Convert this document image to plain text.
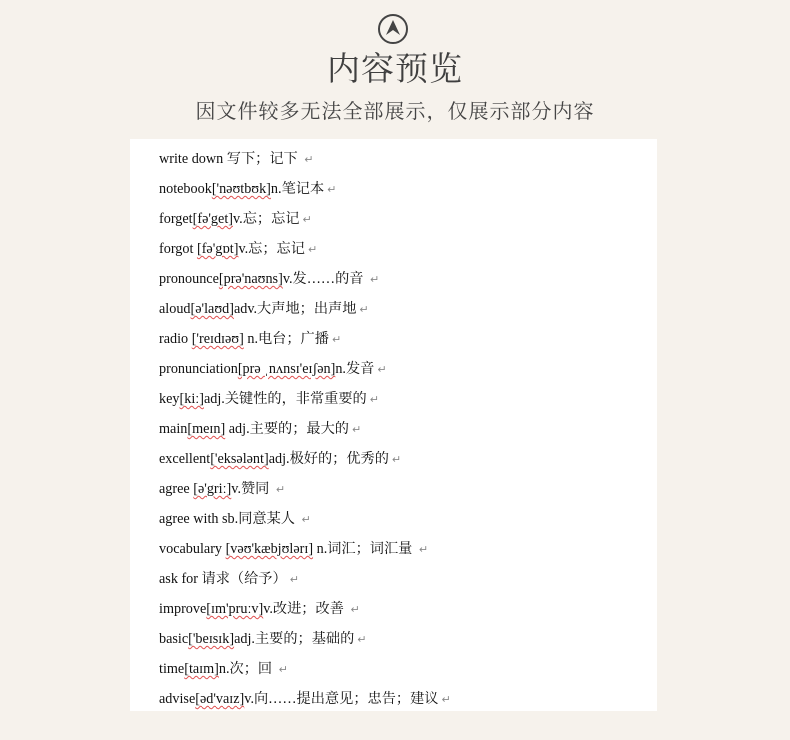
内容预览
因文件较多无法全部展示，仅展示部分内容
write down 写下；记下 ↵
notebook['nəʊtbʊk]n.笔记本 ↵
forget[fə'get]v.忘；忘记 ↵
forgot [fə'gɒt]v.忘；忘记 ↵
pronounce[prə'naʊns]v.发……的音 ↵
aloud[ə'laʊd]adv.大声地；出声地 ↵
radio ['reɪdɪəʊ] n.电台；广播 ↵
pronunciation[prə ˌnʌnsɪ'eɪʃən]n.发音 ↵
key[kiː]adj.关键性的，非常重要的 ↵
main[meɪn] adj.主要的；最大的 ↵
excellent['eksələnt]adj.极好的；优秀的 ↵
agree [ə'griː]v.赞同 ↵
agree with sb.同意某人 ↵
vocabulary [vəʊ'kæbjʊlərɪ] n.词汇；词汇量 ↵
ask for 请求（给予） ↵
improve[ɪm'pruːv]v.改进；改善 ↵
basic['beɪsɪk]adj.主要的；基础的 ↵
time[taɪm]n.次；回 ↵
advise[əd'vaɪz]v.向……提出意见；忠告；建议 ↵
